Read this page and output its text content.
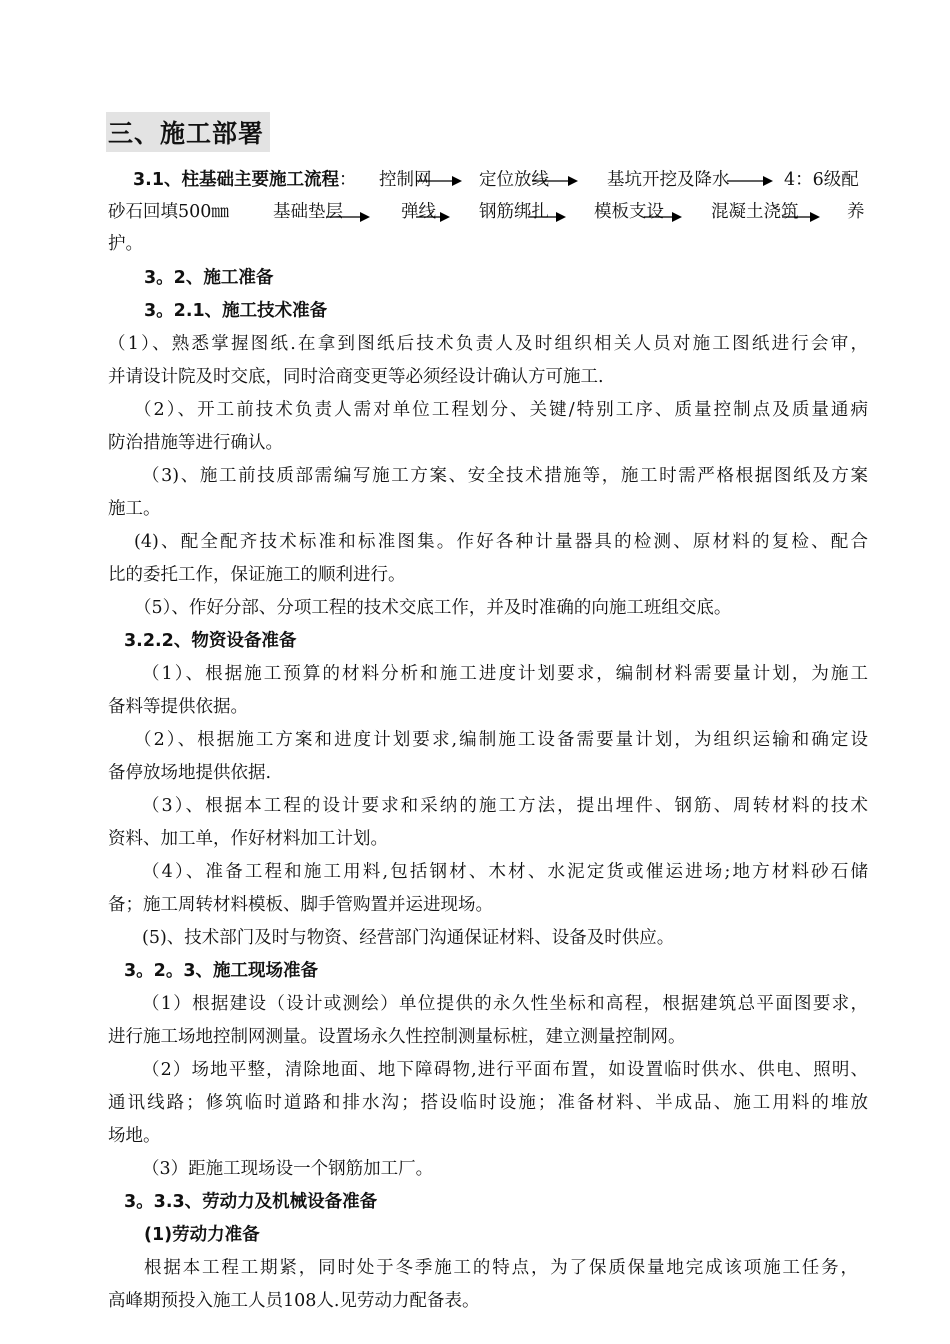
三、施工部署
3.1、柱基础主要施工流程： 控制网	定位放线	基坑开挖及降水	4：6级配
砂石回填500㎜	基础垫层	弹线 钢筋绑扎	模板支设	混凝土浇筑	养
护。
3。2、施工准备
3。2.1、施工技术准备
（1）、熟悉掌握图纸.在拿到图纸后技术负责人及时组织相关人员对施工图纸进行会审，
并请设计院及时交底，同时洽商变更等必须经设计确认方可施工.
（2）、开工前技术负责人需对单位工程划分、关键/特别工序、质量控制点及质量通病
防治措施等进行确认。
（3)、施工前技质部需编写施工方案、安全技术措施等，施工时需严格根据图纸及方案
施工。
(4)、配全配齐技术标准和标准图集。作好各种计量器具的检测、原材料的复检、配合
比的委托工作，保证施工的顺利进行。
（5）、作好分部、分项工程的技术交底工作，并及时准确的向施工班组交底。
3.2.2、物资设备准备
（1）、根据施工预算的材料分析和施工进度计划要求，编制材料需要量计划，为施工
备料等提供依据。
（2）、根据施工方案和进度计划要求,编制施工设备需要量计划，为组织运输和确定设
备停放场地提供依据.
（3）、根据本工程的设计要求和采纳的施工方法，提出埋件、钢筋、周转材料的技术
资料、加工单，作好材料加工计划。
（4）、准备工程和施工用料,包括钢材、木材、水泥定货或催运进场;地方材料砂石储
备；施工周转材料模板、脚手管购置并运进现场。
(5)、技术部门及时与物资、经营部门沟通保证材料、设备及时供应。
3。2。3、施工现场准备
（1）根据建设（设计或测绘）单位提供的永久性坐标和高程，根据建筑总平面图要求，
进行施工场地控制网测量。设置场永久性控制测量标桩，建立测量控制网。
（2）场地平整，清除地面、地下障碍物,进行平面布置，如设置临时供水、供电、照明、
通讯线路；修筑临时道路和排水沟；搭设临时设施；准备材料、半成品、施工用料的堆放
场地。
（3）距施工现场设一个钢筋加工厂。
3。3.3、劳动力及机械设备准备
(1)劳动力准备
根据本工程工期紧，同时处于冬季施工的特点，为了保质保量地完成该项施工任务，
高峰期预投入施工人员108人.见劳动力配备表。
